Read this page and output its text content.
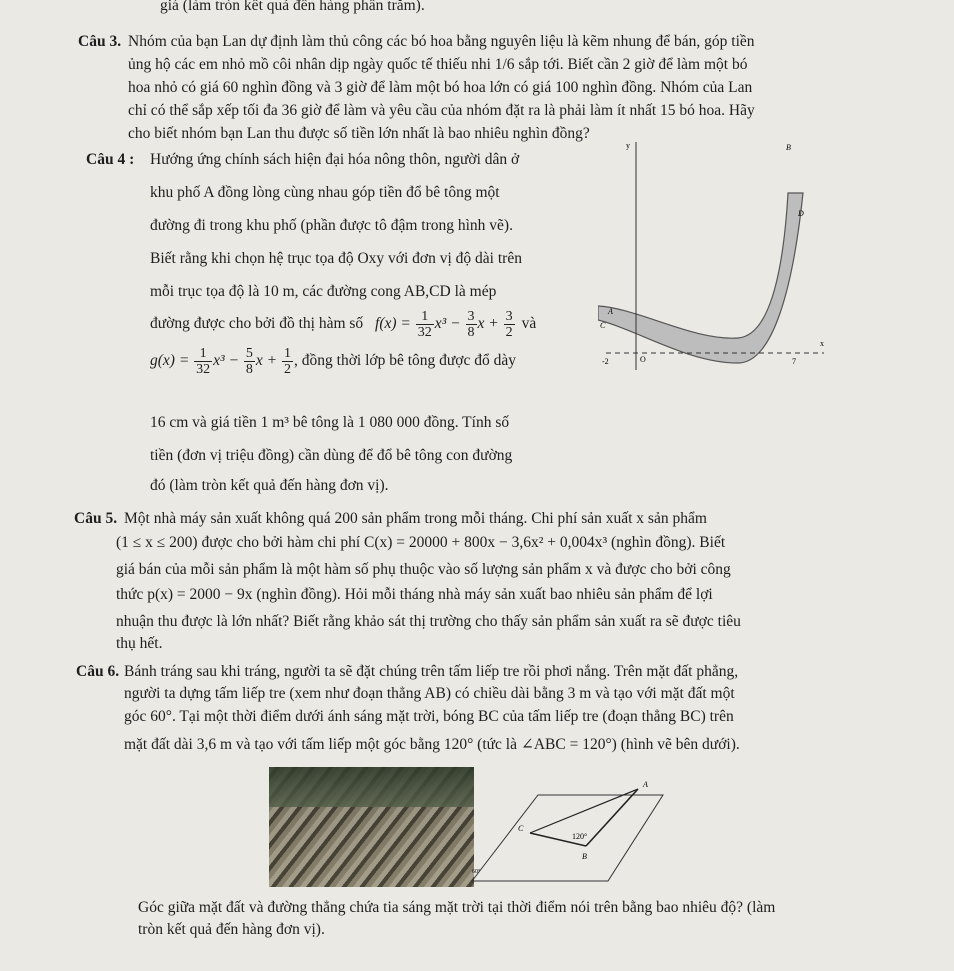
giá (làm tròn kết quả đến hàng phần trăm).

Câu 3. Nhóm của bạn Lan dự định làm thủ công các bó hoa bằng nguyên liệu là kẽm nhung để bán, góp tiền

ủng hộ các em nhỏ mồ côi nhân dịp ngày quốc tế thiếu nhi 1/6 sắp tới. Biết cần 2 giờ để làm một bó

hoa nhỏ có giá 60 nghìn đồng và 3 giờ để làm một bó hoa lớn có giá 100 nghìn đồng. Nhóm của Lan

chỉ có thể sắp xếp tối đa 36 giờ để làm và yêu cầu của nhóm đặt ra là phải làm ít nhất 15 bó hoa. Hãy

cho biết nhóm bạn Lan thu được số tiền lớn nhất là bao nhiêu nghìn đồng?

Câu 4 : Hướng ứng chính sách hiện đại hóa nông thôn, người dân ở

khu phố A đồng lòng cùng nhau góp tiền đổ bê tông một

đường đi trong khu phố (phần được tô đậm trong hình vẽ).

Biết rằng khi chọn hệ trục tọa độ Oxy với đơn vị độ dài trên

mỗi trục tọa độ là 10 m, các đường cong AB,CD là mép

đường được cho bởi đồ thị hàm số $f(x) = \frac{1}{32} x^3 - \frac{3}{8}$ $x + \frac{3}{2}$ và
$g(x) = \frac{1}{32} x^3 - \frac{5}{8}$ $x + \frac{1}{2}$ , đồng thời lớp bê tông được đổ dày

16 cm và giá tiền 1 m³ bê tông là 1 080 000 đồng. Tính số

tiền (đơn vị triệu đồng) cần dùng để đổ bê tông con đường

đó (làm tròn kết quả đến hàng đơn vị).

y
x
B
D
A
C
O
-2	7

Câu 5. Một nhà máy sản xuất không quá 200 sản phẩm trong mỗi tháng. Chi phí sản xuất x sản phẩm

(1 ≤ x ≤ 200) được cho bởi hàm chi phí C(x) = 20000 + 800x − 3,6x² + 0,004x³ (nghìn đồng). Biết

giá bán của mỗi sản phẩm là một hàm số phụ thuộc vào số lượng sản phẩm x và được cho bởi công

thức p(x) = 2000 − 9x (nghìn đồng). Hỏi mỗi tháng nhà máy sản xuất bao nhiêu sản phẩm để lợi

nhuận thu được là lớn nhất? Biết rằng khảo sát thị trường cho thấy sản phẩm sản xuất ra sẽ được tiêu

thụ hết.

Câu 6. Bánh tráng sau khi tráng, người ta sẽ đặt chúng trên tấm liếp tre rồi phơi nắng. Trên mặt đất phẳng,

người ta dựng tấm liếp tre (xem như đoạn thẳng AB) có chiều dài bằng 3 m và tạo với mặt đất một

góc 60°. Tại một thời điểm dưới ánh sáng mặt trời, bóng BC của tấm liếp tre (đoạn thẳng BC) trên

mặt đất dài 3,6 m và tạo với tấm liếp một góc bằng 120° (tức là ∠ABC = 120°) (hình vẽ bên dưới).

A
C
B
120°
60°

Góc giữa mặt đất và đường thẳng chứa tia sáng mặt trời tại thời điểm nói trên bằng bao nhiêu độ? (làm

tròn kết quả đến hàng đơn vị).
